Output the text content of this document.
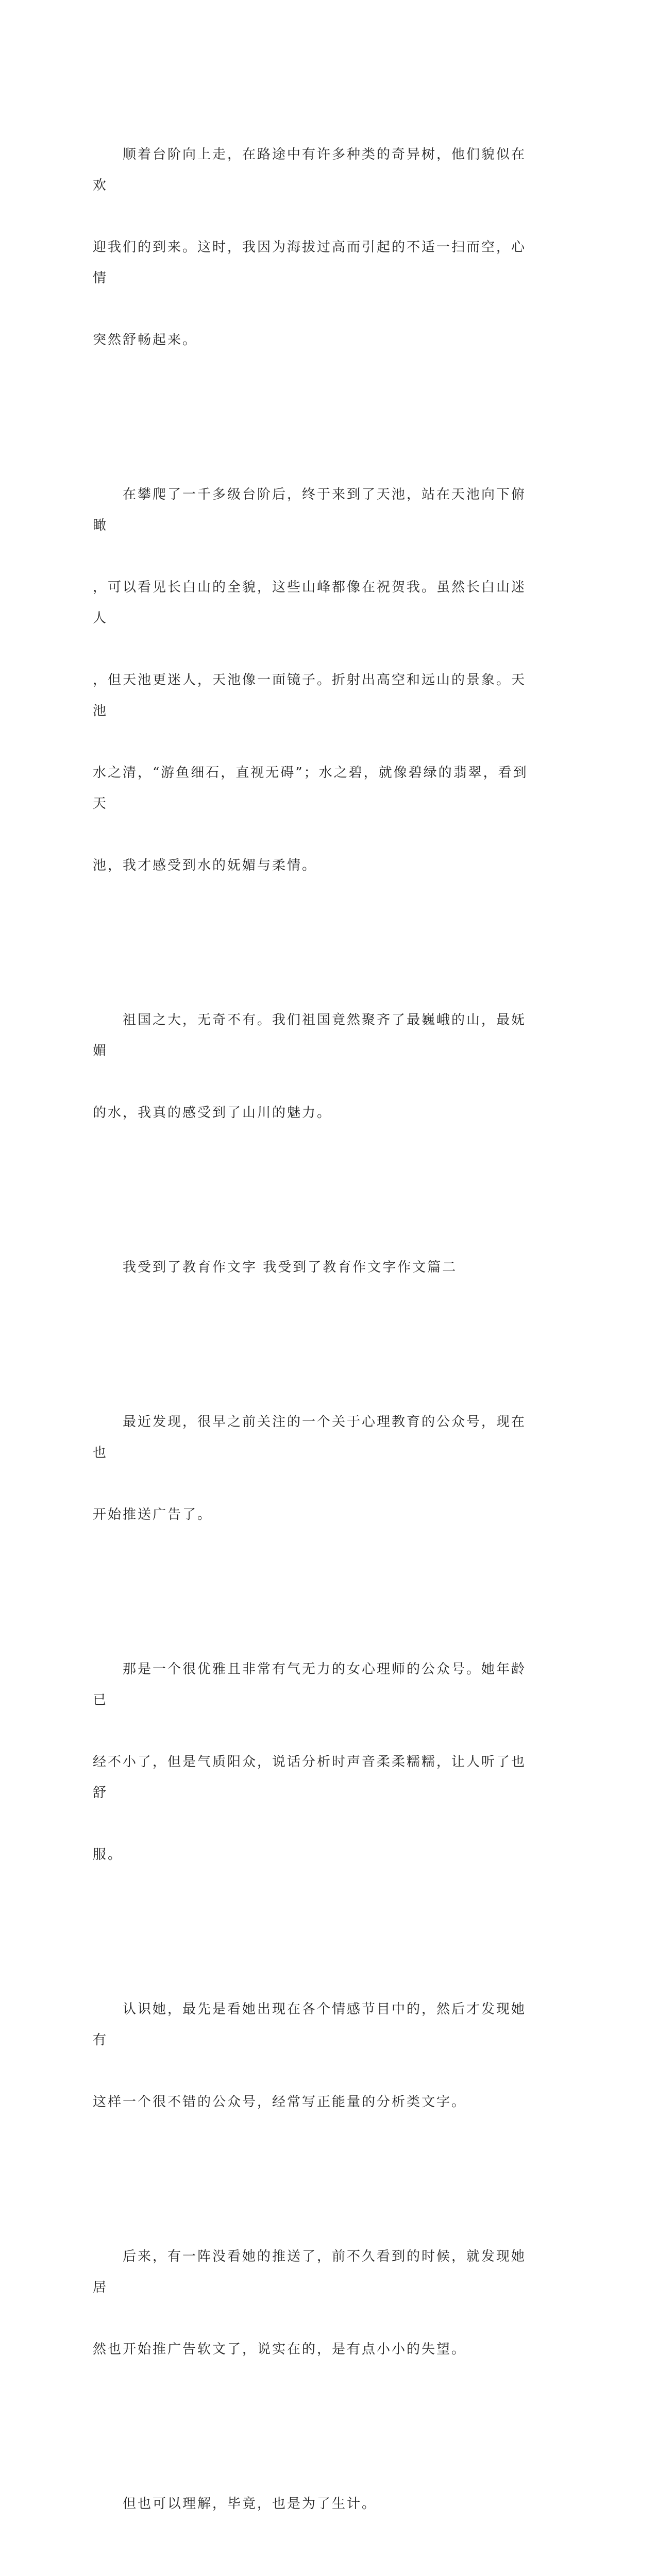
　　顺着台阶向上走，在路途中有许多种类的奇异树，他们貌似在欢

迎我们的到来。这时，我因为海拔过高而引起的不适一扫而空，心情

突然舒畅起来。

　　在攀爬了一千多级台阶后，终于来到了天池，站在天池向下俯瞰

，可以看见长白山的全貌，这些山峰都像在祝贺我。虽然长白山迷人

，但天池更迷人，天池像一面镜子。折射出高空和远山的景象。天池

水之清，“游鱼细石，直视无碍”；水之碧，就像碧绿的翡翠，看到天

池，我才感受到水的妩媚与柔情。

　　祖国之大，无奇不有。我们祖国竟然聚齐了最巍峨的山，最妩媚

的水，我真的感受到了山川的魅力。

　　我受到了教育作文字 我受到了教育作文字作文篇二

　　最近发现，很早之前关注的一个关于心理教育的公众号，现在也

开始推送广告了。

　　那是一个很优雅且非常有气无力的女心理师的公众号。她年龄已

经不小了，但是气质阳众，说话分析时声音柔柔糯糯，让人听了也舒

服。

　　认识她，最先是看她出现在各个情感节目中的，然后才发现她有

这样一个很不错的公众号，经常写正能量的分析类文字。

　　后来，有一阵没看她的推送了，前不久看到的时候，就发现她居

然也开始推广告软文了，说实在的，是有点小小的失望。

　　但也可以理解，毕竟，也是为了生计。
